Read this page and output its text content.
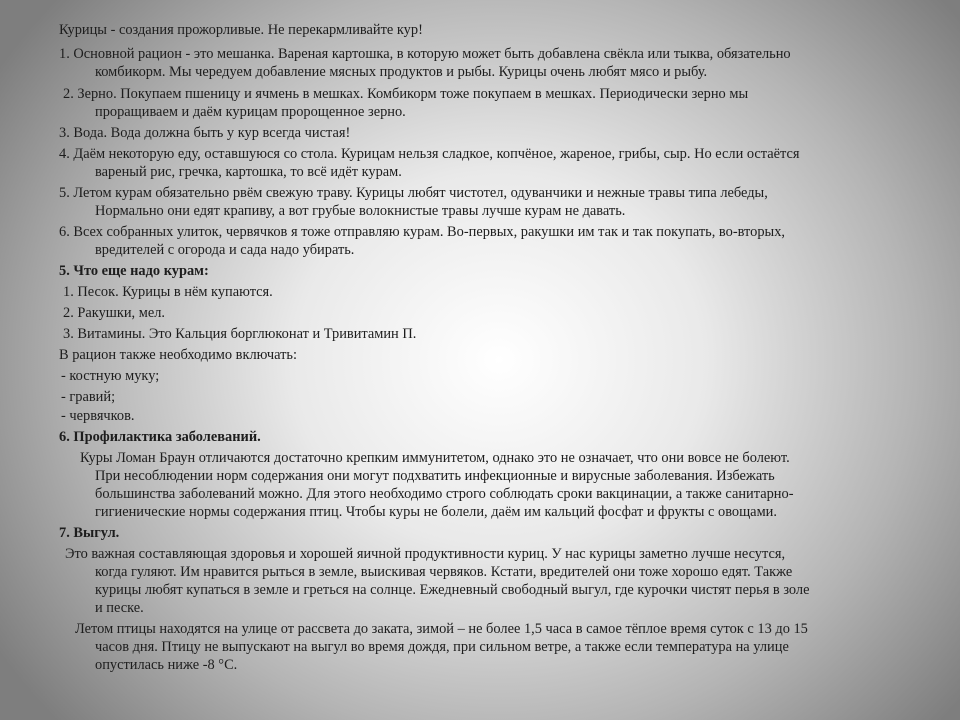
Курицы - создания прожорливые. Не перекармливайте кур!

1. Основной рацион - это мешанка. Вареная картошка, в которую может быть добавлена свёкла или тыква, обязательно

комбикорм. Мы чередуем добавление мясных продуктов и рыбы. Курицы очень любят мясо и рыбу.

2. Зерно. Покупаем пшеницу и ячмень в мешках. Комбикорм тоже покупаем в мешках. Периодически зерно мы

проращиваем и даём курицам пророщенное зерно.

3. Вода. Вода должна быть у кур всегда чистая!

4. Даём некоторую еду, оставшуюся со стола. Курицам нельзя сладкое, копчёное, жареное, грибы, сыр. Но если остаётся

вареный рис, гречка, картошка, то всё идёт курам.

5. Летом курам обязательно рвём свежую траву. Курицы любят чистотел, одуванчики и нежные травы типа лебеды,

Нормально они едят крапиву, а вот грубые волокнистые травы лучше курам не давать.

6. Всех собранных улиток, червячков я тоже отправляю курам. Во-первых, ракушки им так и так покупать, во-вторых,

вредителей с огорода и сада надо убирать.

5. Что еще надо курам:

1. Песок. Курицы в нём купаются.

2. Ракушки, мел.

3. Витамины. Это Кальция борглюконат и Тривитамин П.

В рацион также необходимо включать:

- костную муку;

- гравий;

- червячков.

6. Профилактика заболеваний.

Куры Ломан Браун отличаются достаточно крепким иммунитетом, однако это не означает, что они вовсе не болеют.

При несоблюдении норм содержания они могут подхватить инфекционные и вирусные заболевания. Избежать

большинства заболеваний можно. Для этого необходимо строго соблюдать сроки вакцинации, а также санитарно-

гигиенические нормы содержания птиц. Чтобы куры не болели, даём им кальций фосфат и фрукты с овощами.

7. Выгул.

Это важная составляющая здоровья и хорошей яичной продуктивности куриц. У нас курицы заметно лучше несутся,

когда гуляют. Им нравится рыться в земле, выискивая червяков. Кстати, вредителей они тоже хорошо едят. Также

курицы любят купаться в земле и греться на солнце. Ежедневный свободный выгул, где курочки чистят перья в золе

и песке.

Летом птицы находятся на улице от рассвета до заката, зимой – не более 1,5 часа в самое тёплое время суток с 13 до 15

часов дня. Птицу не выпускают на выгул во время дождя, при сильном ветре, а также если температура на улице

опустилась ниже -8 °C.
